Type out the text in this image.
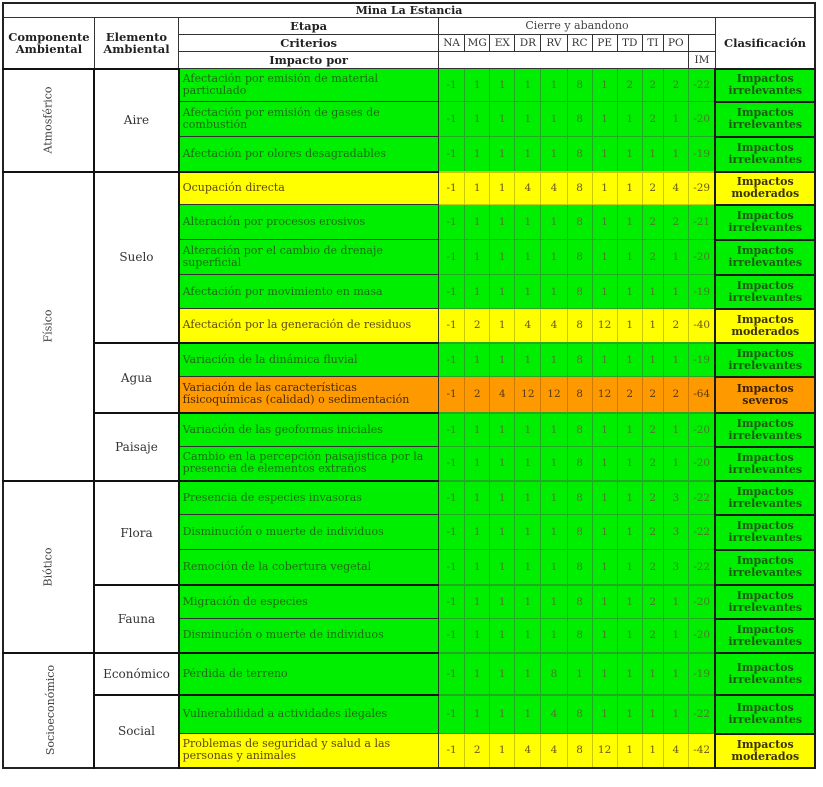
Mina La Estancia														
Componente Ambiental	Elemento Ambiental	Etapa	Cierre y abandono											Clasificación
		Criterios	NA	MG	EX	DR	RV	RC	PE	TD	TI	PO		
		Impacto por											IM	
Atmosférico	Aire	Afectación por emisión de material particulado	-1	1	1	1	1	8	1	2	2	2	-22	Impactos irrelevantes
		Afectación por emisión de gases de combustión	-1	1	1	1	1	8	1	1	2	1	-20	Impactos irrelevantes
		Afectación por olores desagradables	-1	1	1	1	1	8	1	1	1	1	-19	Impactos irrelevantes
Físico	Suelo	Ocupación directa	-1	1	1	4	4	8	1	1	2	4	-29	Impactos moderados
		Alteración por procesos erosivos	-1	1	1	1	1	8	1	1	2	2	-21	Impactos irrelevantes
		Alteración por el cambio de drenaje superficial	-1	1	1	1	1	8	1	1	2	1	-20	Impactos irrelevantes
		Afectación por movimiento en masa	-1	1	1	1	1	8	1	1	1	1	-19	Impactos irrelevantes
		Afectación por la generación de residuos	-1	2	1	4	4	8	12	1	1	2	-40	Impactos moderados
	Agua	Variación de la dinámica fluvial	-1	1	1	1	1	8	1	1	1	1	-19	Impactos irrelevantes
		Variación de las características físicoquímicas (calidad) o sedimentación	-1	2	4	12	12	8	12	2	2	2	-64	Impactos severos
	Paisaje	Variación de las geoformas iniciales	-1	1	1	1	1	8	1	1	2	1	-20	Impactos irrelevantes
		Cambio en la percepción paisajística por la presencia de elementos extraños	-1	1	1	1	1	8	1	1	2	1	-20	Impactos irrelevantes
Biótico	Flora	Presencia de especies invasoras	-1	1	1	1	1	8	1	1	2	3	-22	Impactos irrelevantes
		Disminución o muerte de individuos	-1	1	1	1	1	8	1	1	2	3	-22	Impactos irrelevantes
		Remoción de la cobertura vegetal	-1	1	1	1	1	8	1	1	2	3	-22	Impactos irrelevantes
	Fauna	Migración de especies	-1	1	1	1	1	8	1	1	2	1	-20	Impactos irrelevantes
		Disminución o muerte de individuos	-1	1	1	1	1	8	1	1	2	1	-20	Impactos irrelevantes
Socioeconómico	Económico	Pérdida de terreno	-1	1	1	1	8	1	1	1	1	1	-19	Impactos irrelevantes
	Social	Vulnerabilidad a actividades ilegales	-1	1	1	1	4	8	1	1	1	1	-22	Impactos irrelevantes
		Problemas de seguridad y salud a las personas y animales	-1	2	1	4	4	8	12	1	1	4	-42	Impactos moderados
